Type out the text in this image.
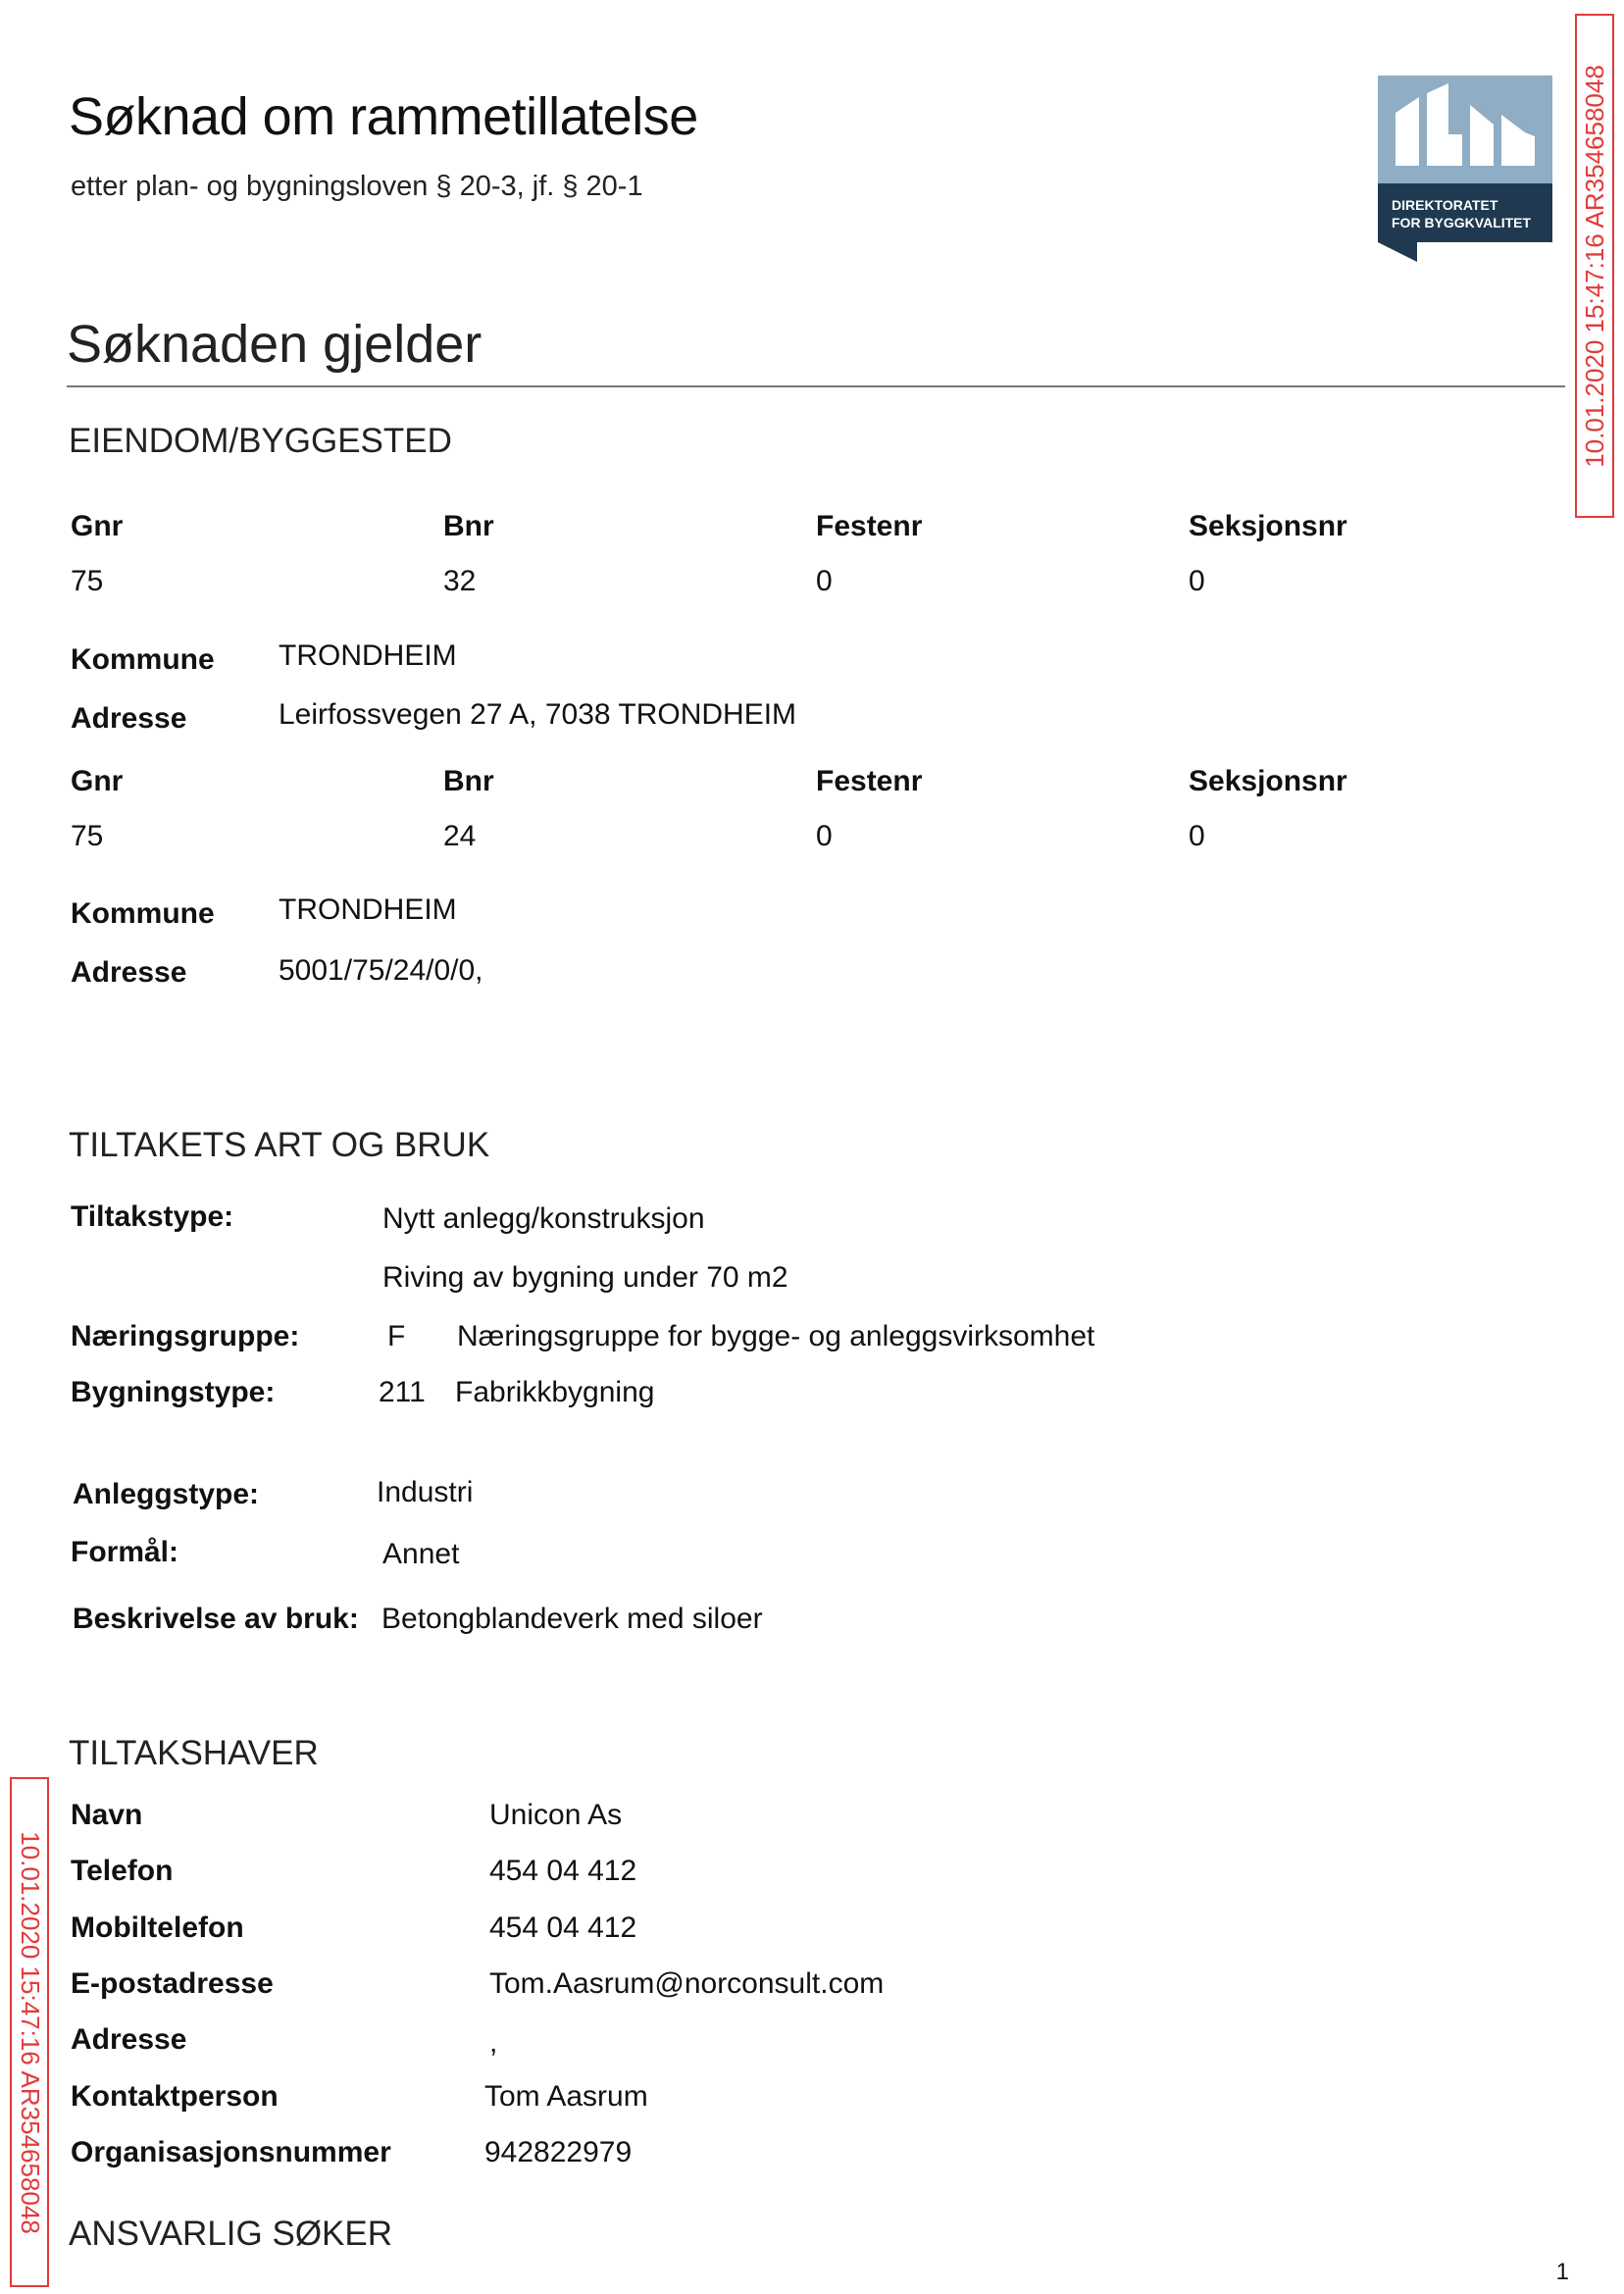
Søknad om rammetillatelse
etter plan- og bygningsloven § 20-3, jf. § 20-1
DIREKTORATET
FOR BYGGKVALITET 10.01.2020 15:47:16 AR354658048
10.01.2020 15:47:16 AR354658048
Søknaden gjelder
EIENDOM/BYGGESTED
Gnr	Bnr	Festenr	Seksjonsnr
75	32	0	0
Kommune TRONDHEIM
Adresse	Leirfossvegen 27 A, 7038 TRONDHEIM
Gnr	Bnr	Festenr	Seksjonsnr
75	24	0	0
Kommune TRONDHEIM
Adresse	5001/75/24/0/0,
TILTAKETS ART OG BRUK
Tiltakstype:	Nytt anlegg/konstruksjon
Riving av bygning under 70 m2
Næringsgruppe:	F Næringsgruppe for bygge- og anleggsvirksomhet
Bygningstype:	211 Fabrikkbygning
Anleggstype:	Industri
Formål:	Annet
Beskrivelse av bruk: Betongblandeverk med siloer
TILTAKSHAVER
Navn	Unicon As
Telefon	454 04 412
Mobiltelefon	454 04 412
E-postadresse	Tom.Aasrum@norconsult.com
Adresse	,
Kontaktperson	Tom Aasrum
Organisasjonsnummer	942822979
ANSVARLIG SØKER
1
